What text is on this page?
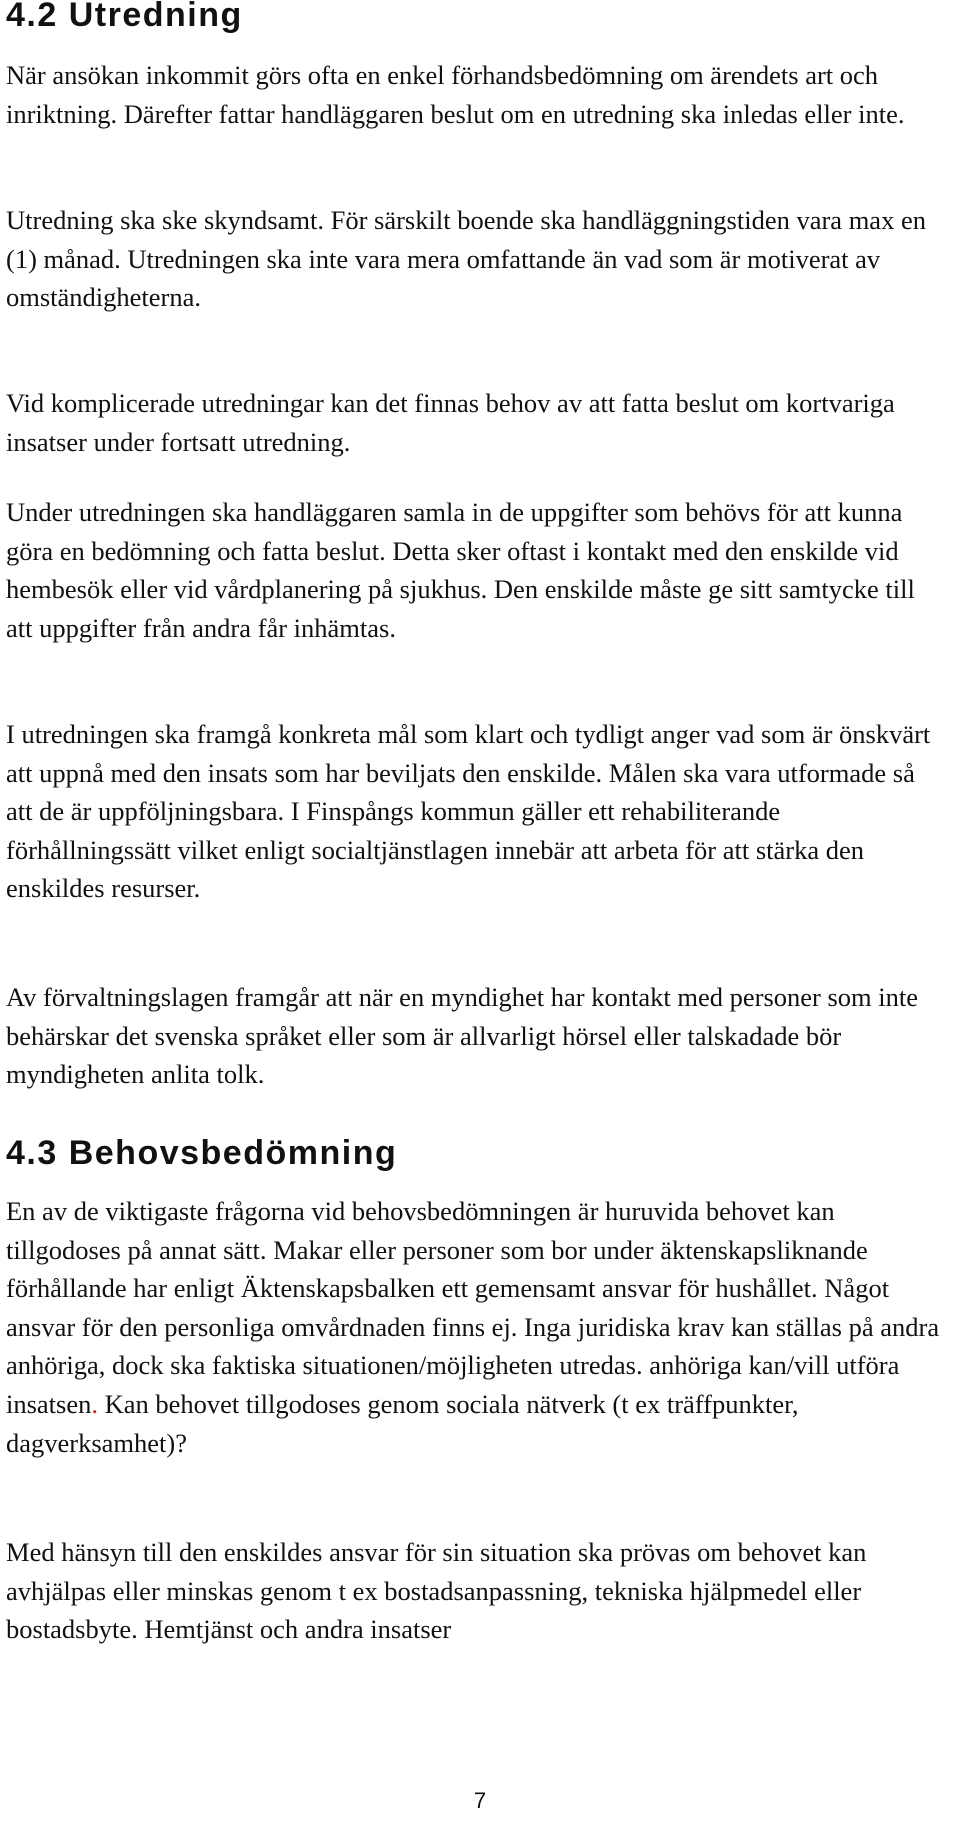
4.2 Utredning

När ansökan inkommit görs ofta en enkel förhandsbedömning om ärendets art och inriktning. Därefter fattar handläggaren beslut om en utredning ska inledas eller inte.

Utredning ska ske skyndsamt. För särskilt boende ska handläggningstiden vara max en (1) månad. Utredningen ska inte vara mera omfattande än vad som är motiverat av omständigheterna.

Vid komplicerade utredningar kan det finnas behov av att fatta beslut om kortvariga insatser under fortsatt utredning.

Under utredningen ska handläggaren samla in de uppgifter som behövs för att kunna göra en bedömning och fatta beslut. Detta sker oftast i kontakt med den enskilde vid hembesök eller vid vårdplanering på sjukhus. Den enskilde måste ge sitt samtycke till att uppgifter från andra får inhämtas.

I utredningen ska framgå konkreta mål som klart och tydligt anger vad som är önskvärt att uppnå med den insats som har beviljats den enskilde. Målen ska vara utformade så att de är uppföljningsbara. I Finspångs kommun gäller ett rehabiliterande förhållningssätt vilket enligt socialtjänstlagen innebär att arbeta för att stärka den enskildes resurser.

Av förvaltningslagen framgår att när en myndighet har kontakt med personer som inte behärskar det svenska språket eller som är allvarligt hörsel eller talskadade bör myndigheten anlita tolk.

4.3 Behovsbedömning

En av de viktigaste frågorna vid behovsbedömningen är huruvida behovet kan tillgodoses på annat sätt. Makar eller personer som bor under äktenskapsliknande förhållande har enligt Äktenskapsbalken ett gemensamt ansvar för hushållet. Något ansvar för den personliga omvårdnaden finns ej. Inga juridiska krav kan ställas på andra anhöriga, dock ska faktiska situationen/möjligheten utredas. anhöriga kan/vill utföra insatsen. Kan behovet tillgodoses genom sociala nätverk (t ex träffpunkter, dagverksamhet)?

Med hänsyn till den enskildes ansvar för sin situation ska prövas om behovet kan avhjälpas eller minskas genom t ex bostadsanpassning, tekniska hjälpmedel eller bostadsbyte. Hemtjänst och andra insatser

7
